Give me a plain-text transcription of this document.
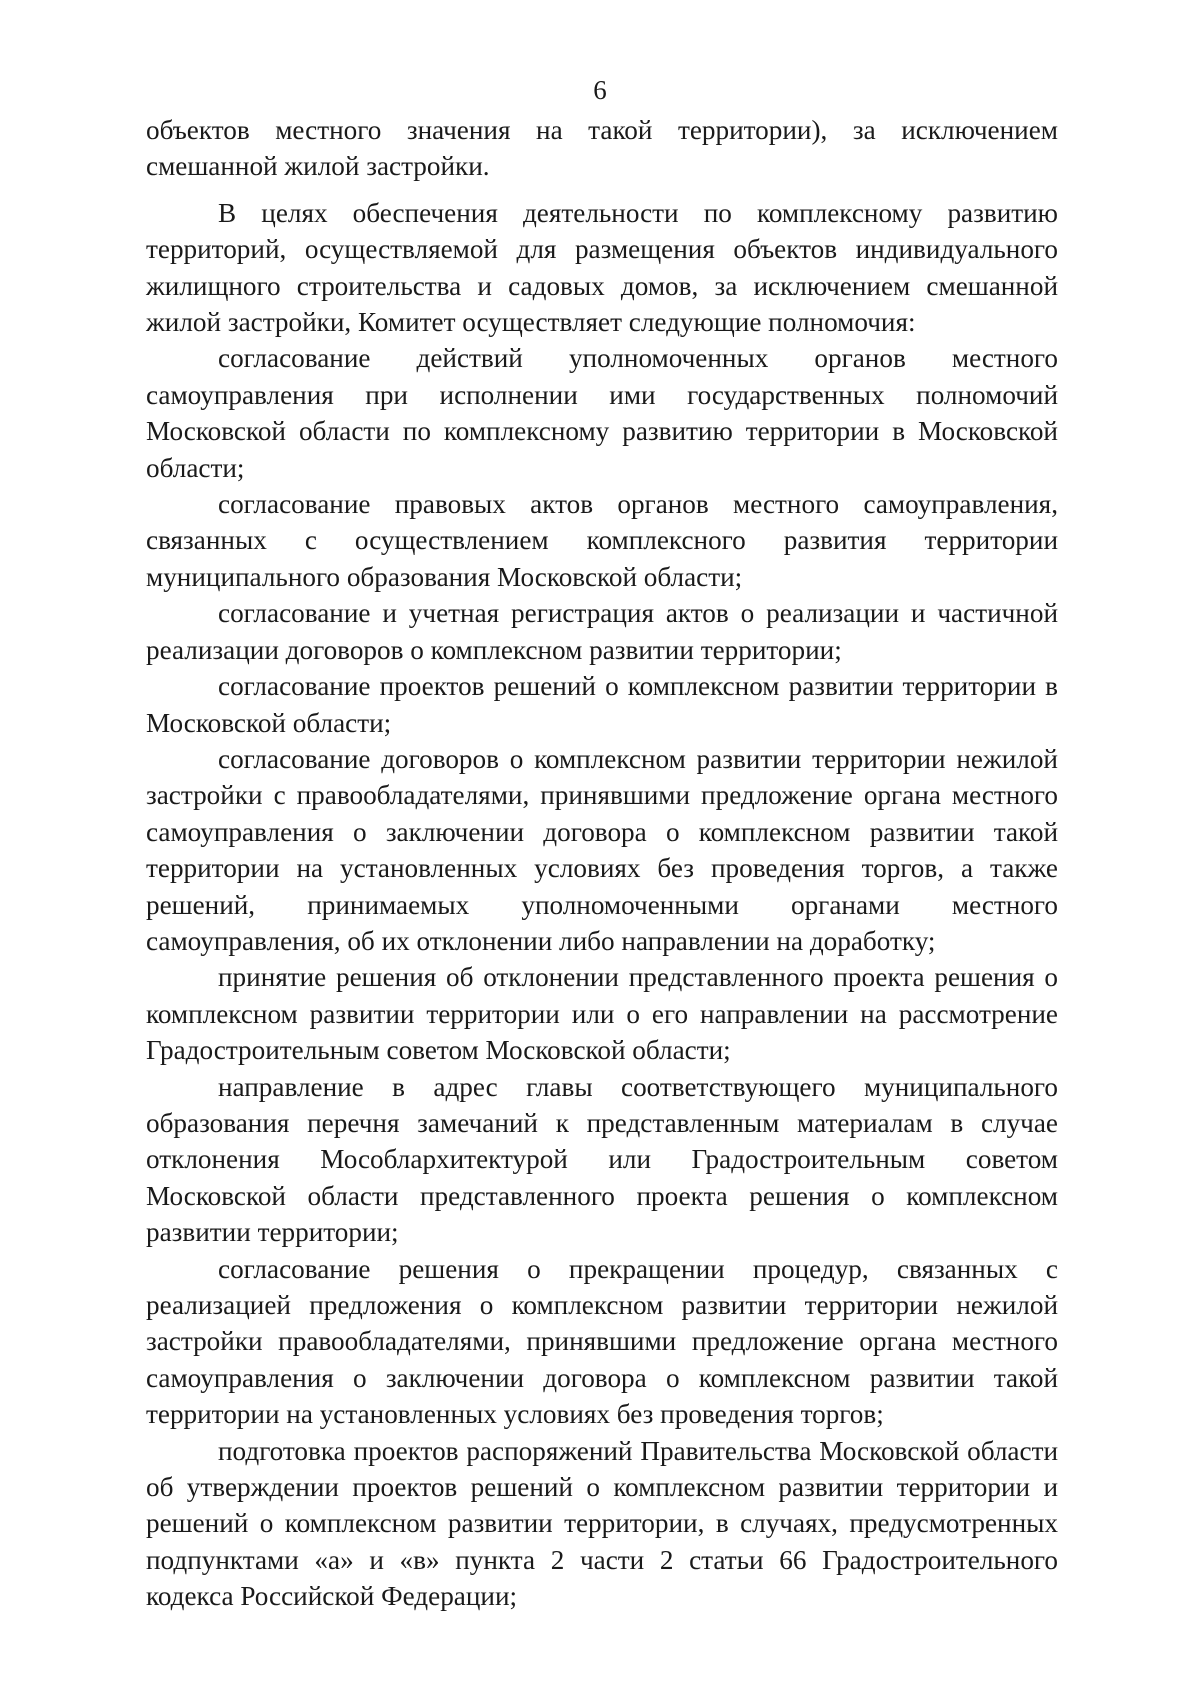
6

объектов местного значения на такой территории), за исключением смешанной жилой застройки.

В целях обеспечения деятельности по комплексному развитию территорий, осуществляемой для размещения объектов индивидуального жилищного строительства и садовых домов, за исключением смешанной жилой застройки, Комитет осуществляет следующие полномочия:

согласование действий уполномоченных органов местного самоуправления при исполнении ими государственных полномочий Московской области по комплексному развитию территории в Московской области;

согласование правовых актов органов местного самоуправления, связанных с осуществлением комплексного развития территории муниципального образования Московской области;

согласование и учетная регистрация актов о реализации и частичной реализации договоров о комплексном развитии территории;

согласование проектов решений о комплексном развитии территории в Московской области;

согласование договоров о комплексном развитии территории нежилой застройки с правообладателями, принявшими предложение органа местного самоуправления о заключении договора о комплексном развитии такой территории на установленных условиях без проведения торгов, а также решений, принимаемых уполномоченными органами местного самоуправления, об их отклонении либо направлении на доработку;

принятие решения об отклонении представленного проекта решения о комплексном развитии территории или о его направлении на рассмотрение Градостроительным советом Московской области;

направление в адрес главы соответствующего муниципального образования перечня замечаний к представленным материалам в случае отклонения Мособлархитектурой или Градостроительным советом Московской области представленного проекта решения о комплексном развитии территории;

согласование решения о прекращении процедур, связанных с реализацией предложения о комплексном развитии территории нежилой застройки правообладателями, принявшими предложение органа местного самоуправления о заключении договора о комплексном развитии такой территории на установленных условиях без проведения торгов;

подготовка проектов распоряжений Правительства Московской области об утверждении проектов решений о комплексном развитии территории и решений о комплексном развитии территории, в случаях, предусмотренных подпунктами «а» и «в» пункта 2 части 2 статьи 66 Градостроительного кодекса Российской Федерации;
